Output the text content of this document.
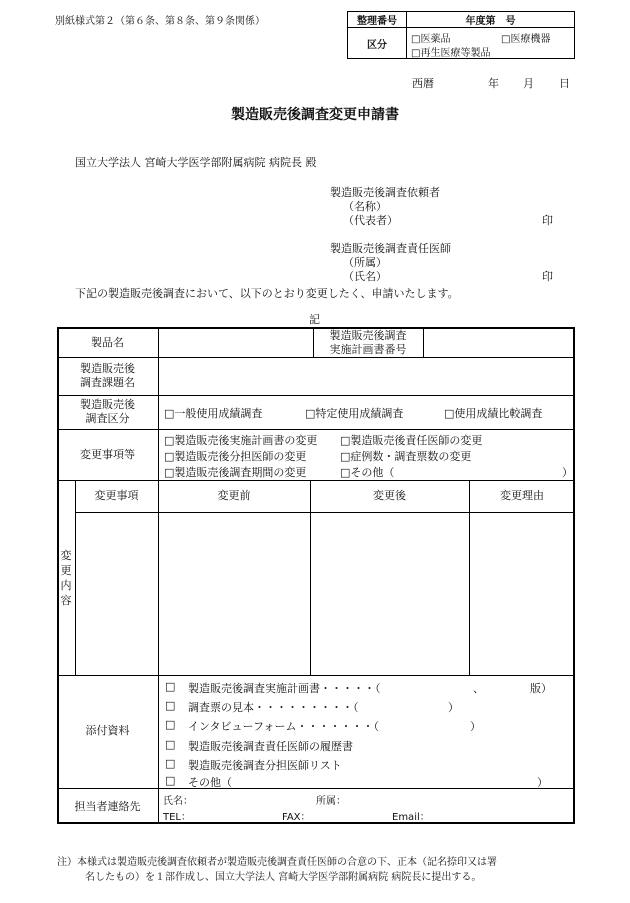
別紙様式第２（第６条、第８条、第９条関係）	整理番号	年度第　号
区分	□医薬品 □医療機器
□再生医療等製品
西暦	年 月 日
製造販売後調査変更申請書
国立大学法人 宮崎大学医学部附属病院 病院長 殿
製造販売後調査依頼者
（名称）
（代表者）	印
製造販売後調査責任医師
（所属）
（氏名）	印
下記の製造販売後調査において、以下のとおり変更したく、申請いたします。
記
製品名
製造販売後調査
実施計画書番号
製造販売後
調査課題名
製造販売後
調査区分	□一般使用成績調査	□特定使用成績調査	□使用成績比較調査
変更事項等
□製造販売後実施計画書の変更 □製造販売後責任医師の変更
□製造販売後分担医師の変更	□症例数・調査票数の変更
□製造販売後調査期間の変更	□その他（	）
変
更
内
容
変更事項	変更前	変更後	変更理由
添付資料
□ 製造販売後調査実施計画書・・・・・（	、	版）
□ 調査票の見本・・・・・・・・・（	）
□ インタビューフォーム・・・・・・・（	）
□ 製造販売後調査責任医師の履歴書
□ 製造販売後調査分担医師リスト
□ その他（	）
担当者連絡先	氏名：	所属：
TEL：	FAX：	Email：
注）本様式は製造販売後調査依頼者が製造販売後調査責任医師の合意の下、正本（記名捺印又は署
名したもの）を１部作成し、国立大学法人 宮崎大学医学部附属病院 病院長に提出する。
